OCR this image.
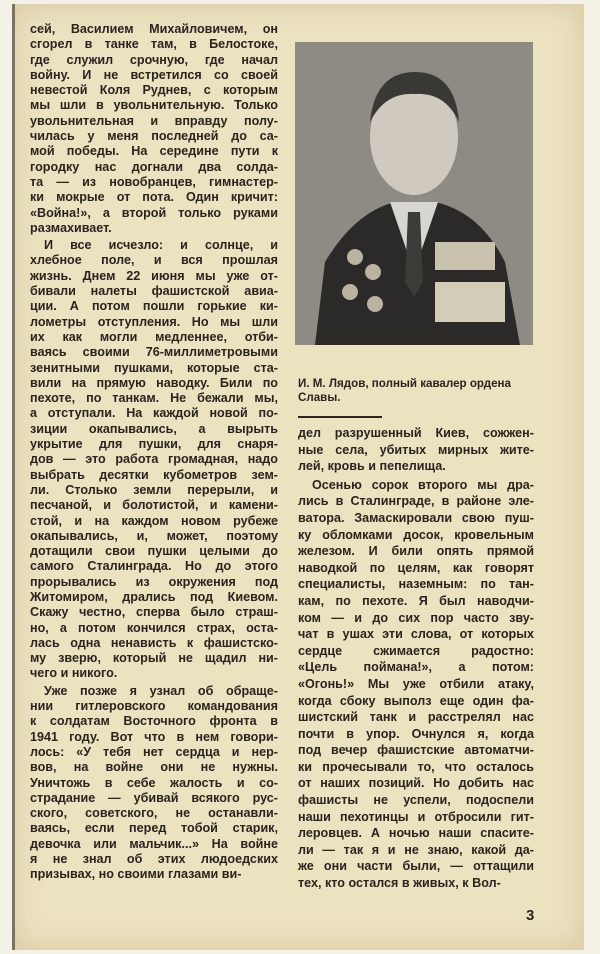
сей, Василием Михайловичем, он
сгорел в танке там, в Белостоке,
где служил срочную, где начал
войну. И не встретился со своей
невестой Коля Руднев, с которым
мы шли в увольнительную. Только
увольнительная и вправду полу-
чилась у меня последней до са-
мой победы. На середине пути к
городку нас догнали два солда-
та — из новобранцев, гимнастер-
ки мокрые от пота. Один кричит:
«Война!», а второй только руками
размахивает.
И все исчезло: и солнце, и
хлебное поле, и вся прошлая
жизнь. Днем 22 июня мы уже от-
бивали налеты фашистской авиа-
ции. А потом пошли горькие ки-
лометры отступления. Но мы шли
их как могли медленнее, отби-
ваясь своими 76-миллиметровыми
зенитными пушками, которые ста-
вили на прямую наводку. Били по
пехоте, по танкам. Не бежали мы,
а отступали. На каждой новой по-
зиции окапывались, а вырыть
укрытие для пушки, для снаря-
дов — это работа громадная, надо
выбрать десятки кубометров зем-
ли. Столько земли перерыли, и
песчаной, и болотистой, и камени-
стой, и на каждом новом рубеже
окапывались, и, может, поэтому
дотащили свои пушки целыми до
самого Сталинграда. Но до этого
прорывались из окружения под
Житомиром, дрались под Киевом.
Скажу честно, сперва было страш-
но, а потом кончился страх, оста-
лась одна ненависть к фашистско-
му зверю, который не щадил ни-
чего и никого.
Уже позже я узнал об обраще-
нии гитлеровского командования
к солдатам Восточного фронта в
1941 году. Вот что в нем говори-
лось: «У тебя нет сердца и нер-
вов, на войне они не нужны.
Уничтожь в себе жалость и со-
страдание — убивай всякого рус-
ского, советского, не останавли-
ваясь, если перед тобой старик,
девочка или мальчик...» На войне
я не знал об этих людоедских
призывах, но своими глазами ви-
И. М. Лядов, полный кавалер ордена Славы.
дел разрушенный Киев, сожжен-
ные села, убитых мирных жите-
лей, кровь и пепелища.
Осенью сорок второго мы дра-
лись в Сталинграде, в районе эле-
ватора. Замаскировали свою пуш-
ку обломками досок, кровельным
железом. И били опять прямой
наводкой по целям, как говорят
специалисты, наземным: по тан-
кам, по пехоте. Я был наводчи-
ком — и до сих пор часто зву-
чат в ушах эти слова, от которых
сердце сжимается радостно:
«Цель поймана!», а потом:
«Огонь!» Мы уже отбили атаку,
когда сбоку выполз еще один фа-
шистский танк и расстрелял нас
почти в упор. Очнулся я, когда
под вечер фашистские автоматчи-
ки прочесывали то, что осталось
от наших позиций. Но добить нас
фашисты не успели, подоспели
наши пехотинцы и отбросили гит-
леровцев. А ночью наши спасите-
ли — так я и не знаю, какой да-
же они части были, — оттащили
тех, кто остался в живых, к Вол-
3
